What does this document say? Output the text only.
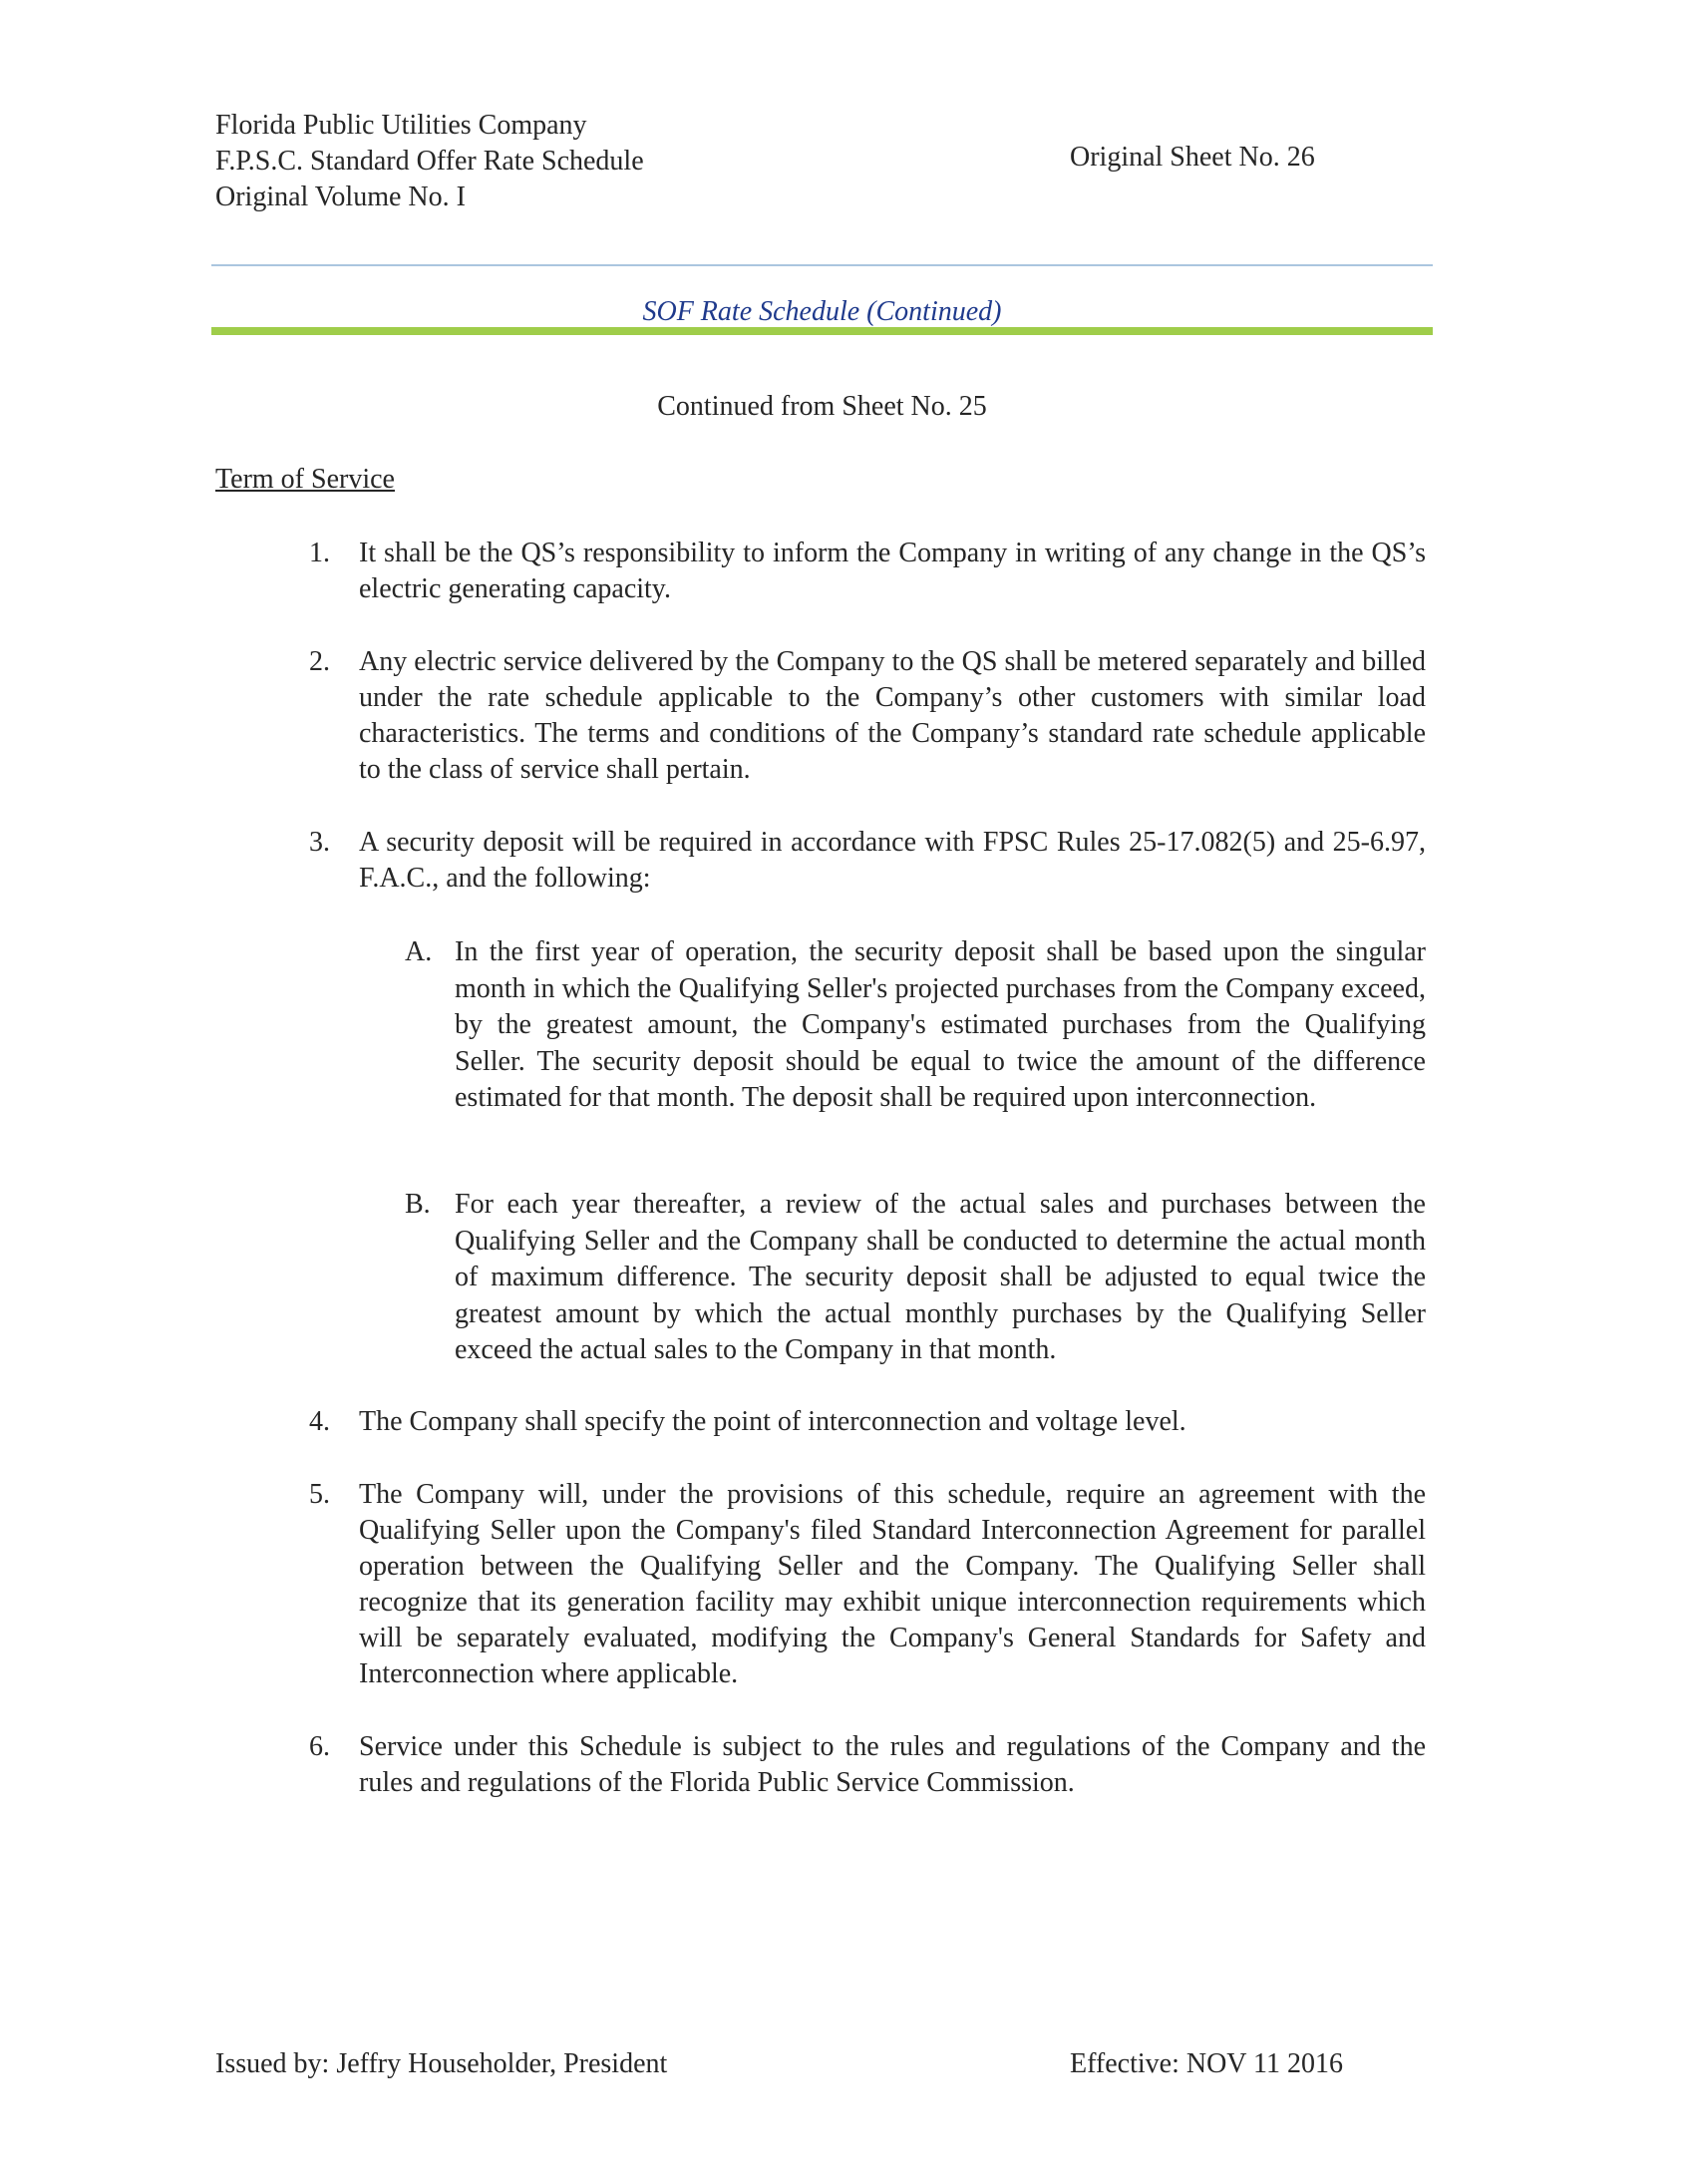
Florida Public Utilities Company
F.P.S.C. Standard Offer Rate Schedule
Original Volume No. I
Original Sheet No. 26
SOF Rate Schedule (Continued)
Continued from Sheet No. 25
Term of Service
1. It shall be the QS’s responsibility to inform the Company in writing of any change in the QS’s electric generating capacity.
2. Any electric service delivered by the Company to the QS shall be metered separately and billed under the rate schedule applicable to the Company’s other customers with similar load characteristics. The terms and conditions of the Company’s standard rate schedule applicable to the class of service shall pertain.
3. A security deposit will be required in accordance with FPSC Rules 25-17.082(5) and 25-6.97, F.A.C., and the following:
A. In the first year of operation, the security deposit shall be based upon the singular month in which the Qualifying Seller's projected purchases from the Company exceed, by the greatest amount, the Company's estimated purchases from the Qualifying Seller. The security deposit should be equal to twice the amount of the difference estimated for that month. The deposit shall be required upon interconnection.
B. For each year thereafter, a review of the actual sales and purchases between the Qualifying Seller and the Company shall be conducted to determine the actual month of maximum difference. The security deposit shall be adjusted to equal twice the greatest amount by which the actual monthly purchases by the Qualifying Seller exceed the actual sales to the Company in that month.
4. The Company shall specify the point of interconnection and voltage level.
5. The Company will, under the provisions of this schedule, require an agreement with the Qualifying Seller upon the Company's filed Standard Interconnection Agreement for parallel operation between the Qualifying Seller and the Company. The Qualifying Seller shall recognize that its generation facility may exhibit unique interconnection requirements which will be separately evaluated, modifying the Company's General Standards for Safety and Interconnection where applicable.
6. Service under this Schedule is subject to the rules and regulations of the Company and the rules and regulations of the Florida Public Service Commission.
Issued by: Jeffry Householder, President	Effective: NOV 11 2016
